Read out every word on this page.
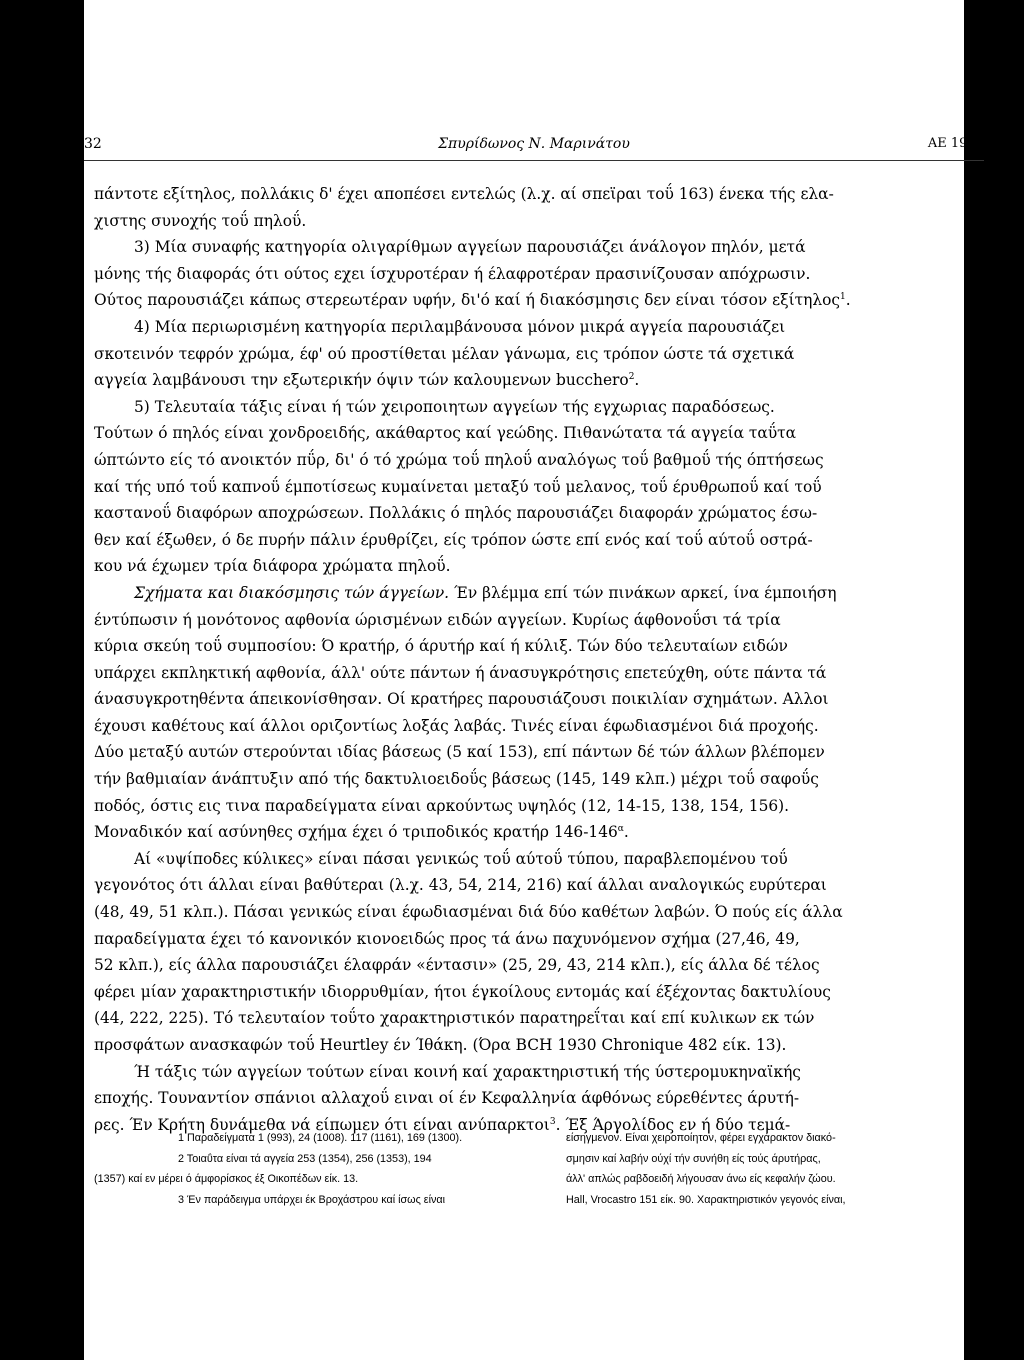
32	Σπυρίδωνος Ν. Μαρινάτου	ΑΕ 1932

πάντοτε εξίτηλος, πολλάκις δ' έχει αποπέσει εντελώς (λ.χ. αί σπεϊραι τοΰ 163) ένεκα τής ελα-

χιστης συνοχής τοΰ πηλοΰ.

3) Μία συναφής κατηγορία ολιγαρίθμων αγγείων παρουσιάζει άνάλογον πηλόν, μετά

μόνης τής διαφοράς ότι ούτος εχει ίσχυροτέραν ή έλαφροτέραν πρασινίζουσαν απόχρωσιν.

Ούτος παρουσιάζει κάπως στερεωτέραν υφήν, δι'ό καί ή διακόσμησις δεν είναι τόσον εξίτηλος$^1$.

4) Μία περιωρισμένη κατηγορία περιλαμβάνουσα μόνον μικρά αγγεία παρουσιάζει

σκοτεινόν τεφρόν χρώμα, έφ' ού προστίθεται μέλαν γάνωμα, εις τρόπον ώστε τά σχετικά

αγγεία λαμβάνουσι την εξωτερικήν όψιν τών καλουμενων bucchero$^2$.

5) Τελευταία τάξις είναι ή τών χειροποιητων αγγείων τής εγχωριας παραδόσεως.

Τούτων ό πηλός είναι χονδροειδής, ακάθαρτος καί γεώδης. Πιθανώτατα τά αγγεία ταΰτα

ώπτώντο είς τό ανοικτόν πΰρ, δι' ό τό χρώμα τοΰ πηλοΰ αναλόγως τοΰ βαθμοΰ τής όπτήσεως

καί τής υπό τοΰ καπνοΰ έμποτίσεως κυμαίνεται μεταξύ τοΰ μελανος, τοΰ έρυθρωποΰ καί τοΰ

καστανοΰ διαφόρων αποχρώσεων. Πολλάκις ό πηλός παρουσιάζει διαφοράν χρώματος έσω-

θεν καί έξωθεν, ό δε πυρήν πάλιν έρυθρίζει, είς τρόπον ώστε επί ενός καί τοΰ αύτοΰ οστρά-

κου νά έχωμεν τρία διάφορα χρώματα πηλοΰ.

Σχήματα και διακόσμησις τών άγγείων. Έν βλέμμα επί τών πινάκων αρκεί, ίνα έμποιήση

έντύπωσιν ή μονότονος αφθονία ώρισμένων ειδών αγγείων. Κυρίως άφθονοΰσι τά τρία

κύρια σκεύη τοΰ συμποσίου: Ό κρατήρ, ό άρυτήρ καί ή κύλιξ. Τών δύο τελευταίων ειδών

υπάρχει εκπληκτική αφθονία, άλλ' ούτε πάντων ή άνασυγκρότησις επετεύχθη, ούτε πάντα τά

άνασυγκροτηθέντα άπεικονίσθησαν. Οί κρατήρες παρουσιάζουσι ποικιλίαν σχημάτων. Αλλοι

έχουσι καθέτους καί άλλοι οριζοντίως λοξάς λαβάς. Τινές είναι έφωδιασμένοι διά προχοής.

Δύο μεταξύ αυτών στερούνται ιδίας βάσεως (5 καί 153), επί πάντων δέ τών άλλων βλέπομεν

τήν βαθμιαίαν άνάπτυξιν από τής δακτυλιοειδοΰς βάσεως (145, 149 κλπ.) μέχρι τοΰ σαφοΰς

ποδός, όστις εις τινα παραδείγματα είναι αρκούντως υψηλός (12, 14-15, 138, 154, 156).

Μοναδικόν καί ασύνηθες σχήμα έχει ό τριποδικός κρατήρ $146-146^\alpha$.

Αί «υψίποδες κύλικες» είναι πάσαι γενικώς τοΰ αύτοΰ τύπου, παραβλεπομένου τοΰ

γεγονότος ότι άλλαι είναι βαθύτεραι (λ.χ. 43, 54, 214, 216) καί άλλαι αναλογικώς ευρύτεραι

(48, 49, 51 κλπ.). Πάσαι γενικώς είναι έφωδιασμέναι διά δύο καθέτων λαβών. Ό πούς είς άλλα

παραδείγματα έχει τό κανονικόν κιονοειδώς προς τά άνω παχυνόμενον σχήμα (27,46, 49,

52 κλπ.), είς άλλα παρουσιάζει έλαφράν «έντασιν» (25, 29, 43, 214 κλπ.), είς άλλα δέ τέλος

φέρει μίαν χαρακτηριστικήν ιδιορρυθμίαν, ήτοι έγκοίλους εντομάς καί έξέχοντας δακτυλίους

(44, 222, 225). Τό τελευταίον τοΰτο χαρακτηριστικόν παρατηρεΐται καί επί κυλικων εκ τών

προσφάτων ανασκαφών τοΰ Heurtley έν Ίθάκη. (Όρα BCH 1930 Chronique 482 είκ. 13).

Ή τάξις τών αγγείων τούτων είναι κοινή καί χαρακτηριστική τής ύστερομυκηναϊκής

εποχής. Τουναντίον σπάνιοι αλλαχοΰ ειναι οί έν Κεφαλληνία άφθόνως εύρεθέντες άρυτή-

ρες. Έν Κρήτη δυνάμεθα νά είπωμεν ότι είναι ανύπαρκτοι$^3$. Έξ Άργολίδος εν ή δύο τεμά-

1 Παραδείγματα 1 (993), 24 (1008). 117 (1161), 169 (1300).
2 Τοιαΰτα είναι τά αγγεία 253 (1354), 256 (1353), 194
(1357) καί εν μέρει ό άμφορίσκος έξ Οικοπέδων είκ. 13.
3 Έν παράδειγμα υπάρχει έκ Βροχάστρου καί ίσως είναι
είσηγμενον. Είναι χειροποίητον, φέρει εγχάρακτον διακό-
σμησιν καί λαβήν ούχί τήν συνήθη είς τούς άρυτήρας,
άλλ' απλώς ραβδοειδή λήγουσαν άνω είς κεφαλήν ζώου.
Hall, Vrocastro 151 είκ. 90. Χαρακτηριστικόν γεγονός είναι,
